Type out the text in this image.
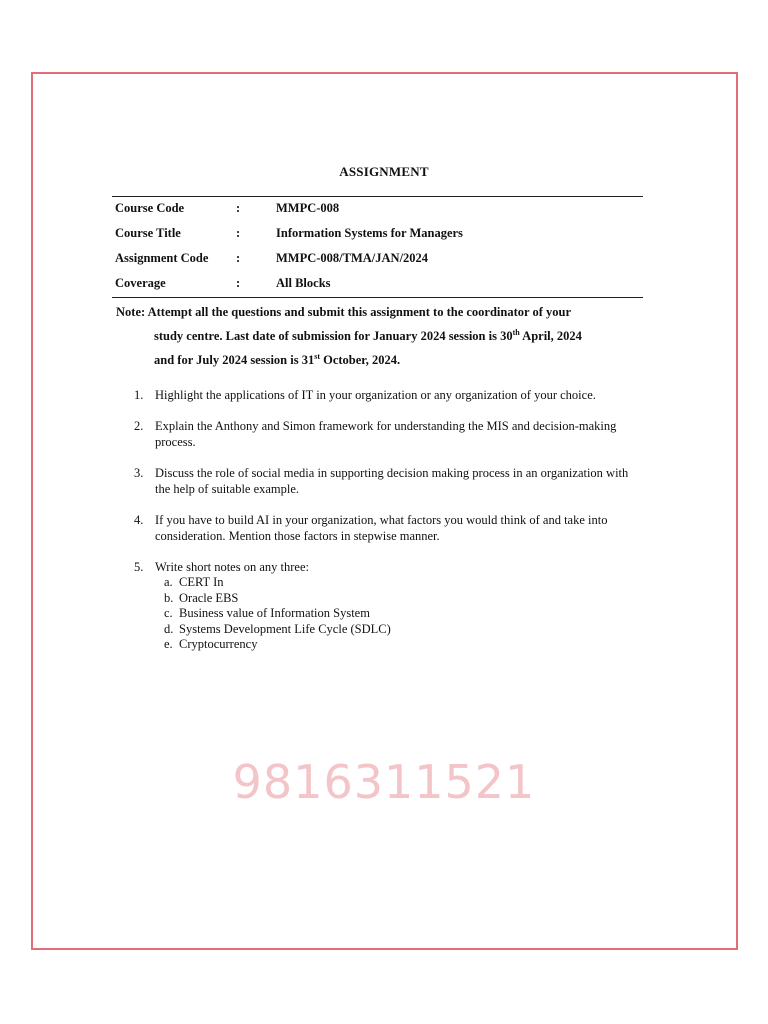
ASSIGNMENT
Course Code	:	MMPC-008
Course Title	:	Information Systems for Managers
Assignment Code :	MMPC-008/TMA/JAN/2024
Coverage	:	All Blocks
Note: Attempt all the questions and submit this assignment to the coordinator of your
study centre. Last date of submission for January 2024 session is 30th April, 2024
and for July 2024 session is 31st October, 2024.
1. Highlight the applications of IT in your organization or any organization of your choice.
2. Explain the Anthony and Simon framework for understanding the MIS and decision-making process.
3. Discuss the role of social media in supporting decision making process in an organization with the help of suitable example.
4. If you have to build AI in your organization, what factors you would think of and take into consideration. Mention those factors in stepwise manner.
5. Write short notes on any three:
a. CERT In
b. Oracle EBS
c. Business value of Information System
d. Systems Development Life Cycle (SDLC)
e. Cryptocurrency
9816311521
